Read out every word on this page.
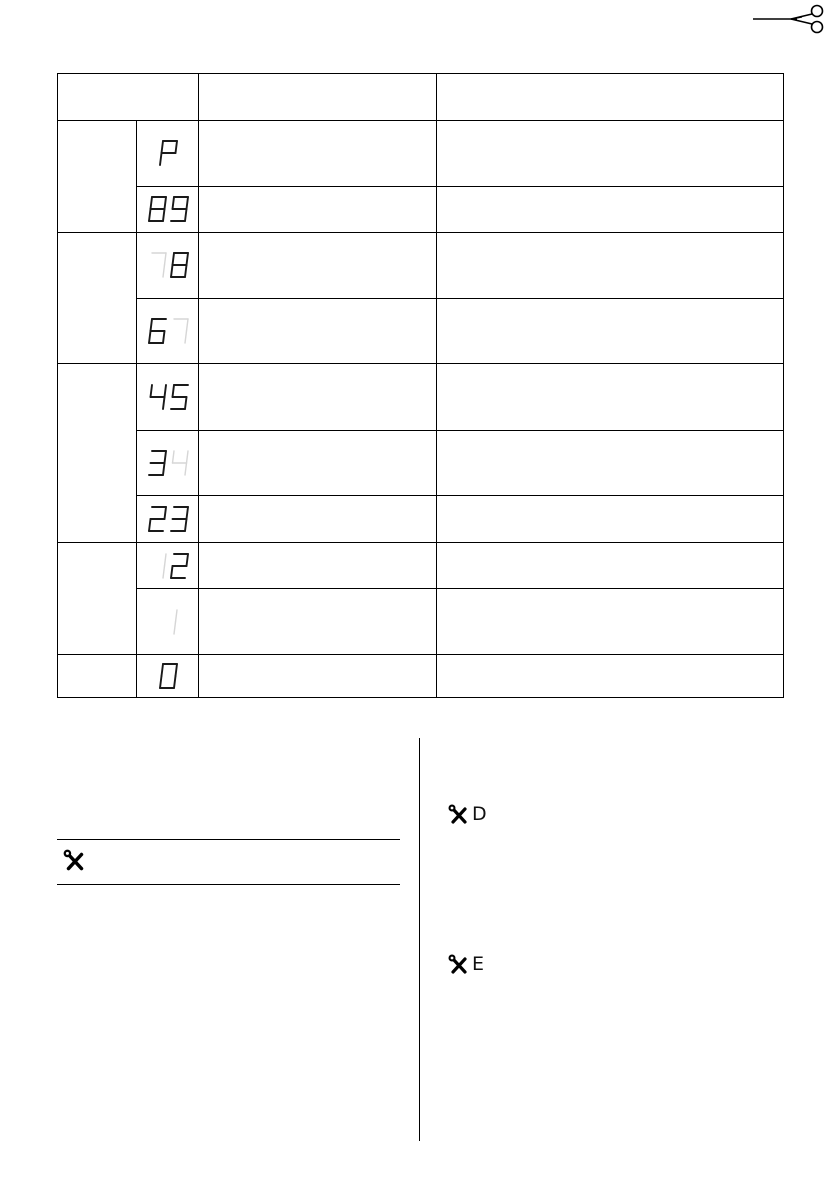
D
E
